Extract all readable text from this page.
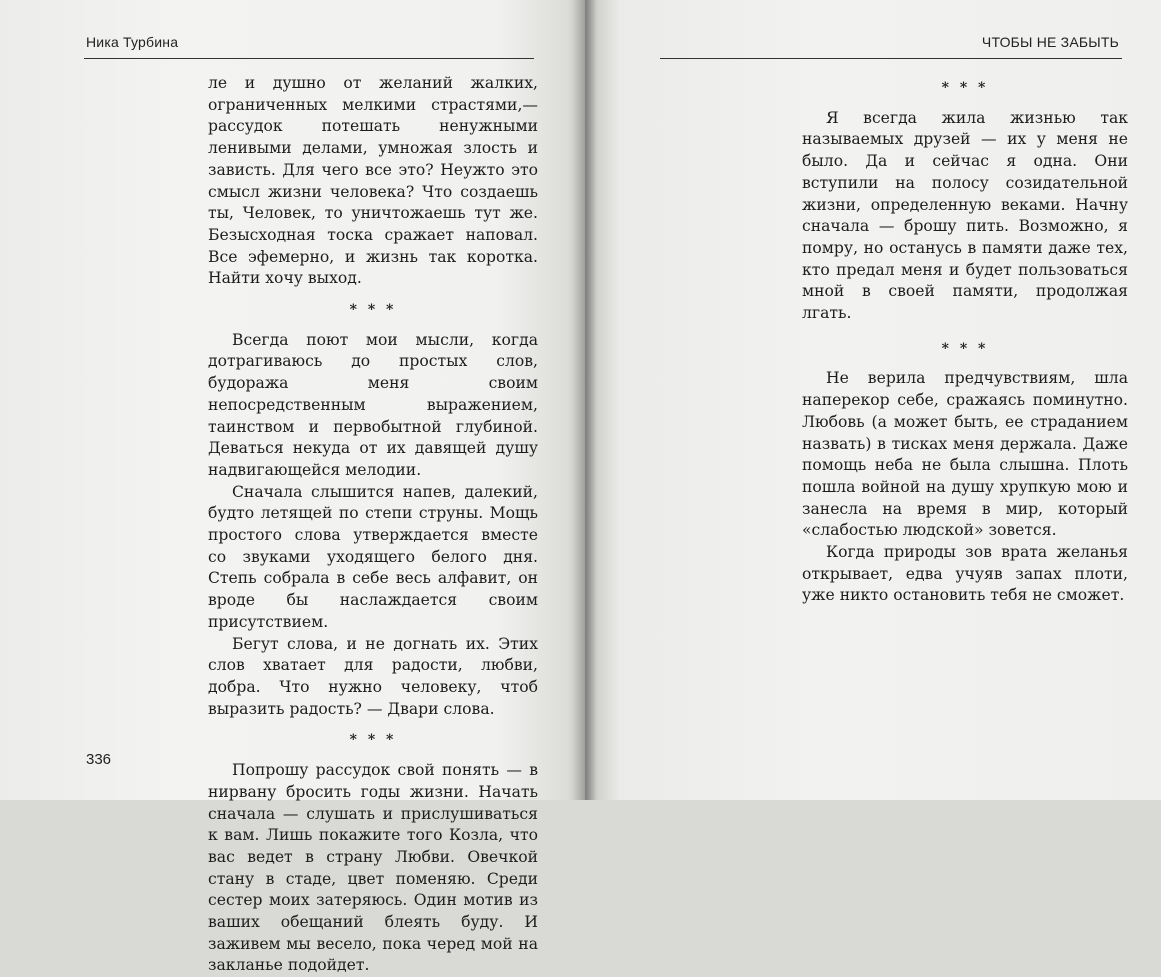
Ника Турбина

ле и душно от желаний жалких, ограниченных мелкими страстями,— рассудок потешать ненужными ленивыми делами, умножая злость и зависть. Для чего все это? Неужто это смысл жизни человека? Что создаешь ты, Человек, то уничтожаешь тут же. Безысходная тоска сражает наповал. Все эфемерно, и жизнь так коротка. Найти хочу выход.

* * *

Всегда поют мои мысли, когда дотрагиваюсь до простых слов, будоража меня своим непосредственным выражением, таинством и первобытной глубиной. Деваться некуда от их давящей душу надвигающейся мелодии.

Сначала слышится напев, далекий, будто летящей по степи струны. Мощь простого слова утверждается вместе со звуками уходящего белого дня. Степь собрала в себе весь алфавит, он вроде бы наслаждается своим присутствием.

Бегут слова, и не догнать их. Этих слов хватает для радости, любви, добра. Что нужно человеку, чтоб выразить радость? — Двари слова.

* * *

Попрошу рассудок свой понять — в нирвану бросить годы жизни. Начать сначала — слушать и прислушиваться к вам. Лишь покажите того Козла, что вас ведет в страну Любви. Овечкой стану в стаде, цвет поменяю. Среди сестер моих затеряюсь. Один мотив из ваших обещаний блеять буду. И заживем мы весело, пока черед мой на закланье подойдет.

336
ЧТОБЫ НЕ ЗАБЫТЬ
* * *

Я всегда жила жизнью так называемых друзей — их у меня не было. Да и сейчас я одна. Они вступили на полосу созидательной жизни, определенную веками. Начну сначала — брошу пить. Возможно, я помру, но останусь в памяти даже тех, кто предал меня и будет пользоваться мной в своей памяти, продолжая лгать.

* * *

Не верила предчувствиям, шла наперекор себе, сражаясь поминутно. Любовь (а может быть, ее страданием назвать) в тисках меня держала. Даже помощь неба не была слышна. Плоть пошла войной на душу хрупкую мою и занесла на время в мир, который «слабостью людской» зовется.

Когда природы зов врата желанья открывает, едва учуяв запах плоти, уже никто остановить тебя не сможет.
